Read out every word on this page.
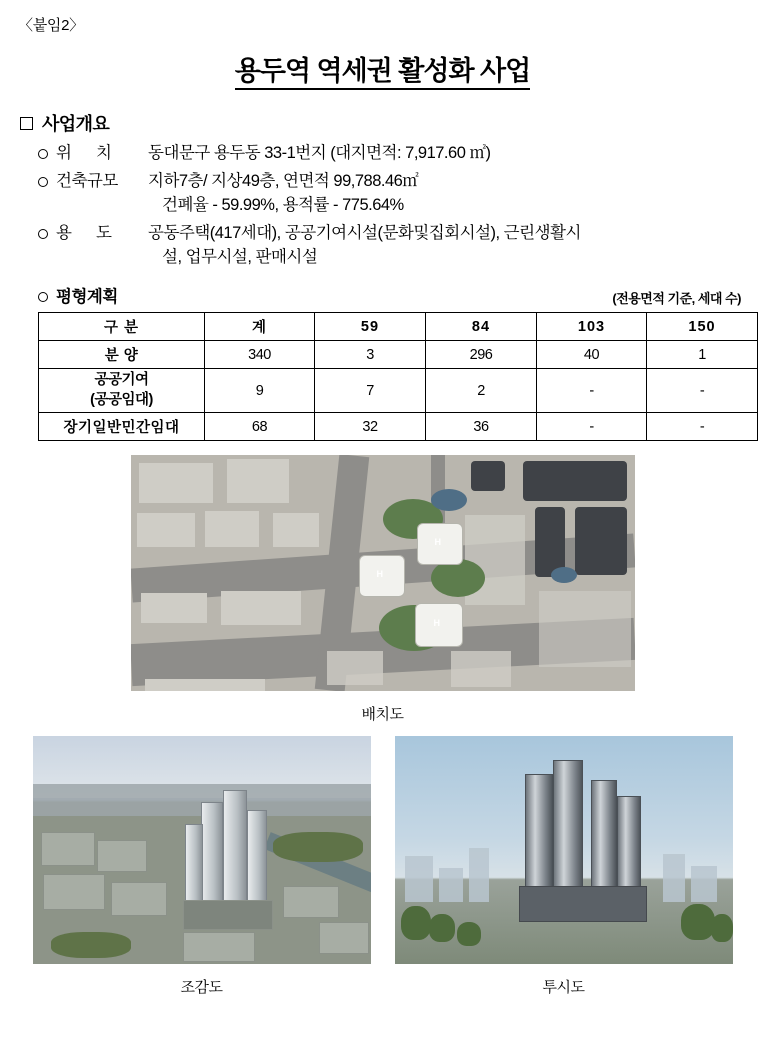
〈붙임2〉
용두역 역세권 활성화 사업
사업개요
위      치	동대문구 용두동 33-1번지 (대지면적: 7,917.60 ㎡)
건축규모	지하7층/ 지상49층, 연면적 99,788.46㎡
건폐율 - 59.99%, 용적률 - 775.64%
용      도	공동주택(417세대), 공공기여시설(문화및집회시설), 근린생활시
설, 업무시설, 판매시설
평형계획	(전용면적 기준, 세대 수)
구 분	계	59	84	103	150
분 양	340	3	296	40	1

공공기여
(공공임대)	9	7	2	-	-
장기일반민간임대	68	32	36	-	-
H
H
H
배치도
조감도	투시도
